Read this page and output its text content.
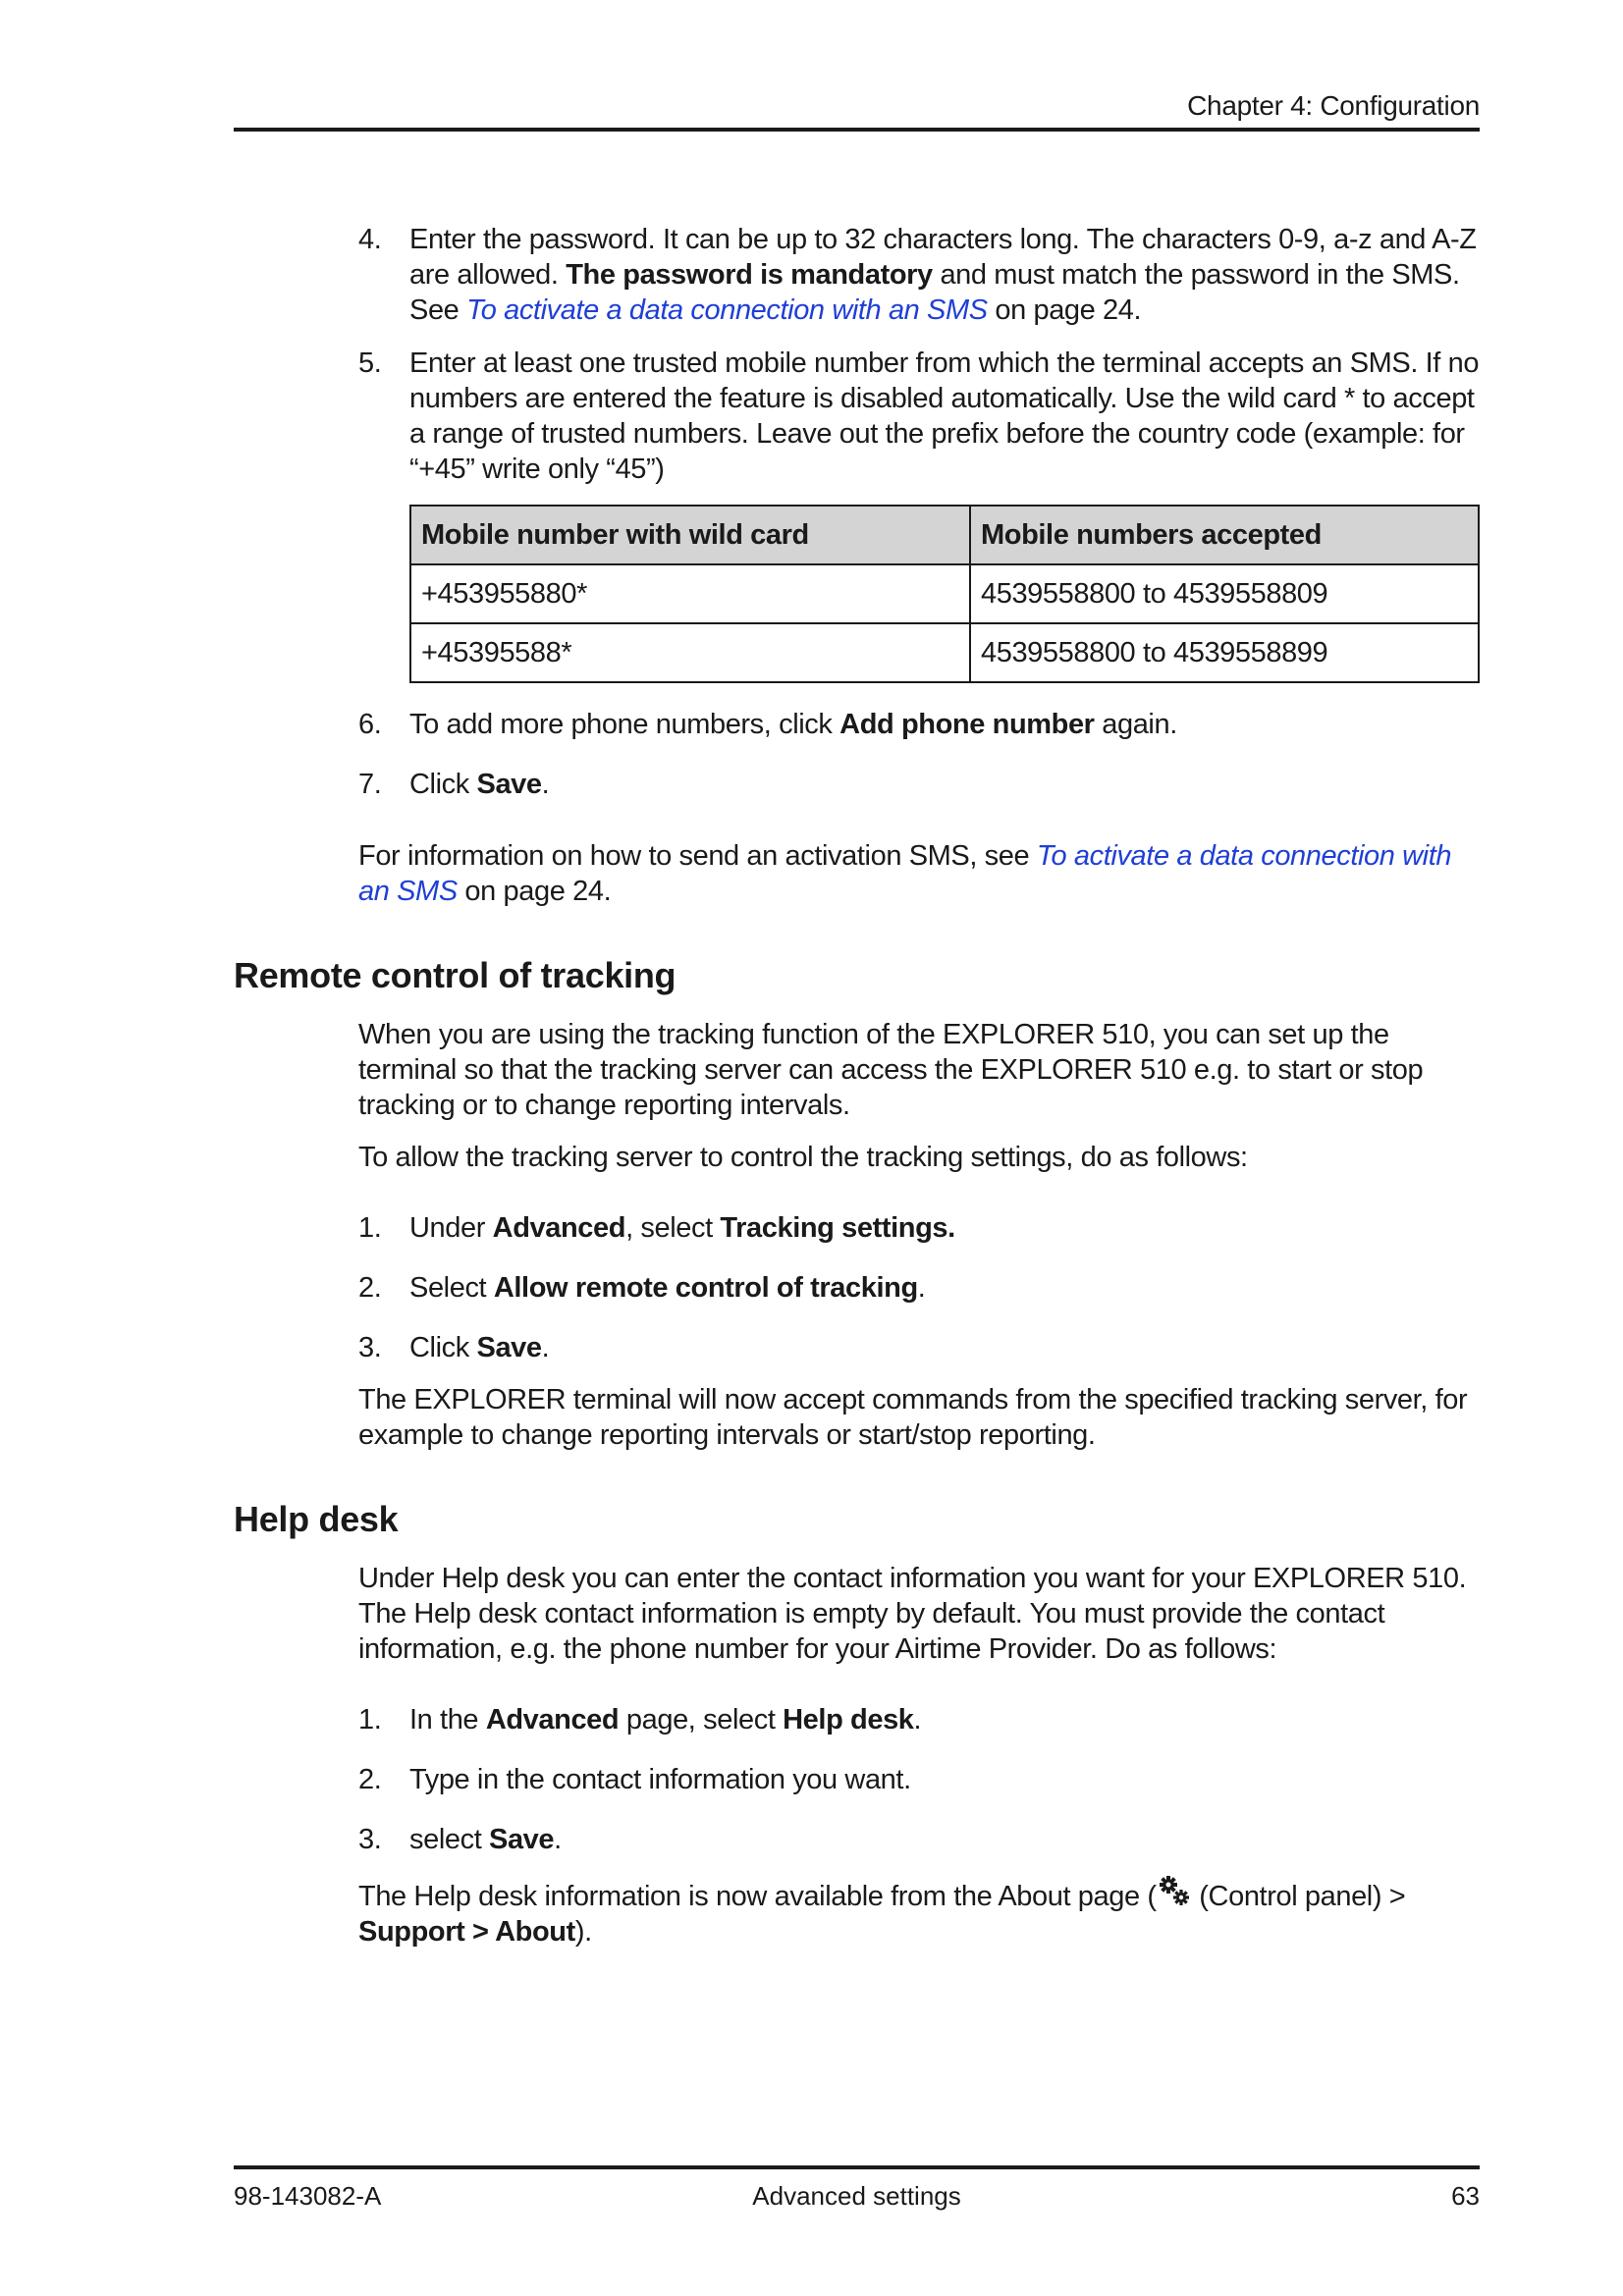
Chapter 4: Configuration
4. Enter the password. It can be up to 32 characters long. The characters 0-9, a-z and A-Z are allowed. The password is mandatory and must match the password in the SMS. See To activate a data connection with an SMS on page 24.
5. Enter at least one trusted mobile number from which the terminal accepts an SMS. If no numbers are entered the feature is disabled automatically. Use the wild card * to accept a range of trusted numbers. Leave out the prefix before the country code (example: for “+45” write only “45”)
Mobile number with wild card	Mobile numbers accepted
+453955880*	4539558800 to 4539558809
+45395588*	4539558800 to 4539558899
6. To add more phone numbers, click Add phone number again.
7. Click Save.
For information on how to send an activation SMS, see To activate a data connection with an SMS on page 24.
Remote control of tracking
When you are using the tracking function of the EXPLORER 510, you can set up the terminal so that the tracking server can access the EXPLORER 510 e.g. to start or stop tracking or to change reporting intervals.
To allow the tracking server to control the tracking settings, do as follows:
1. Under Advanced, select Tracking settings.
2. Select Allow remote control of tracking.
3. Click Save.
The EXPLORER terminal will now accept commands from the specified tracking server, for example to change reporting intervals or start/stop reporting.
Help desk
Under Help desk you can enter the contact information you want for your EXPLORER 510. The Help desk contact information is empty by default. You must provide the contact information, e.g. the phone number for your Airtime Provider. Do as follows:
1. In the Advanced page, select Help desk.
2. Type in the contact information you want.
3. select Save.
The Help desk information is now available from the About page ( (Control panel) > Support > About).
98-143082-A	Advanced settings	63
